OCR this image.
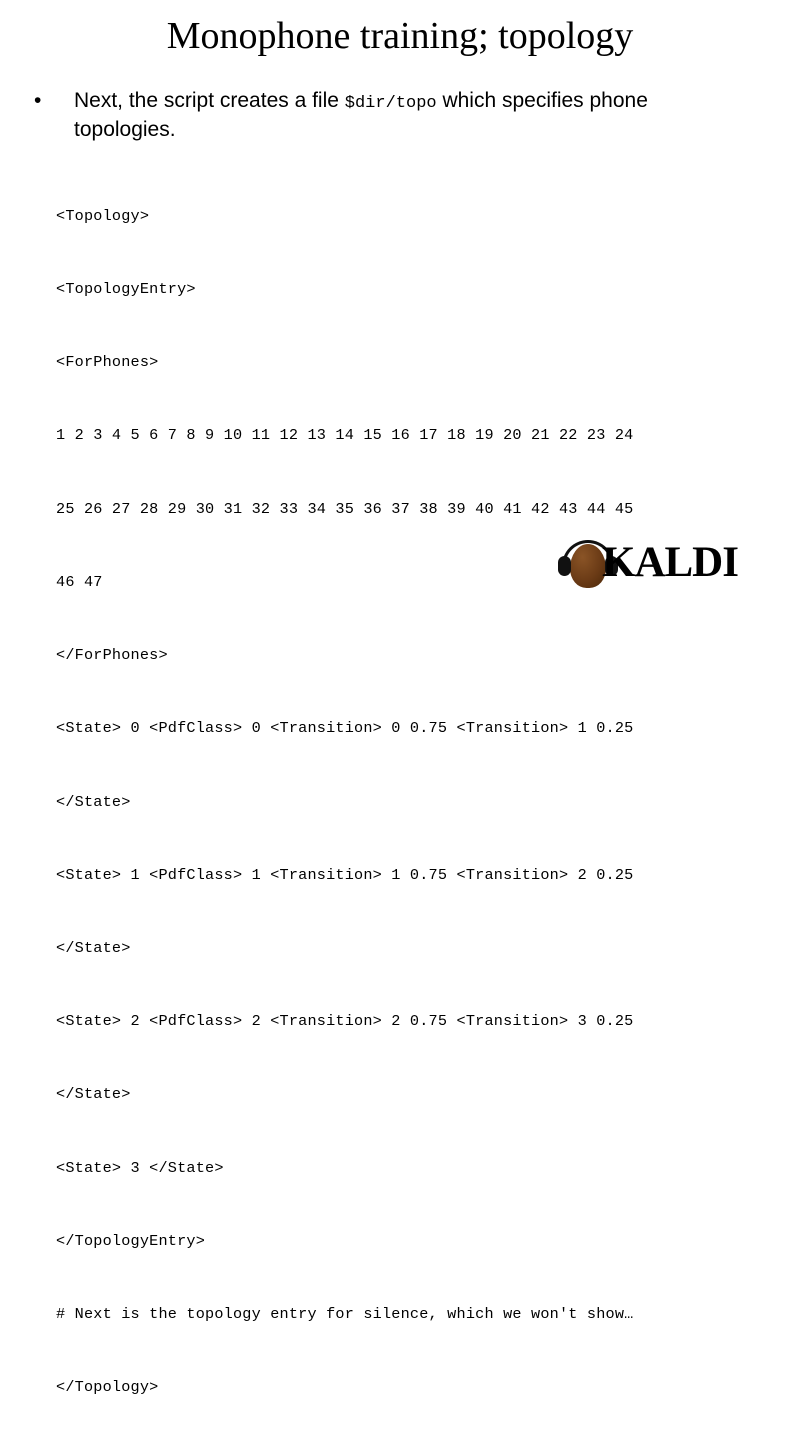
Monophone training; topology
•	Next, the script creates a file $dir/topo which specifies phone topologies.

<Topology>

<TopologyEntry>

<ForPhones>

1 2 3 4 5 6 7 8 9 10 11 12 13 14 15 16 17 18 19 20 21 22 23 24

25 26 27 28 29 30 31 32 33 34 35 36 37 38 39 40 41 42 43 44 45

46 47

</ForPhones>

<State> 0 <PdfClass> 0 <Transition> 0 0.75 <Transition> 1 0.25

</State>

<State> 1 <PdfClass> 1 <Transition> 1 0.75 <Transition> 2 0.25

</State>

<State> 2 <PdfClass> 2 <Transition> 2 0.75 <Transition> 3 0.25

</State>

<State> 3 </State>

</TopologyEntry>

# Next is the topology entry for silence, which we won't show…

</Topology>

KALDI
